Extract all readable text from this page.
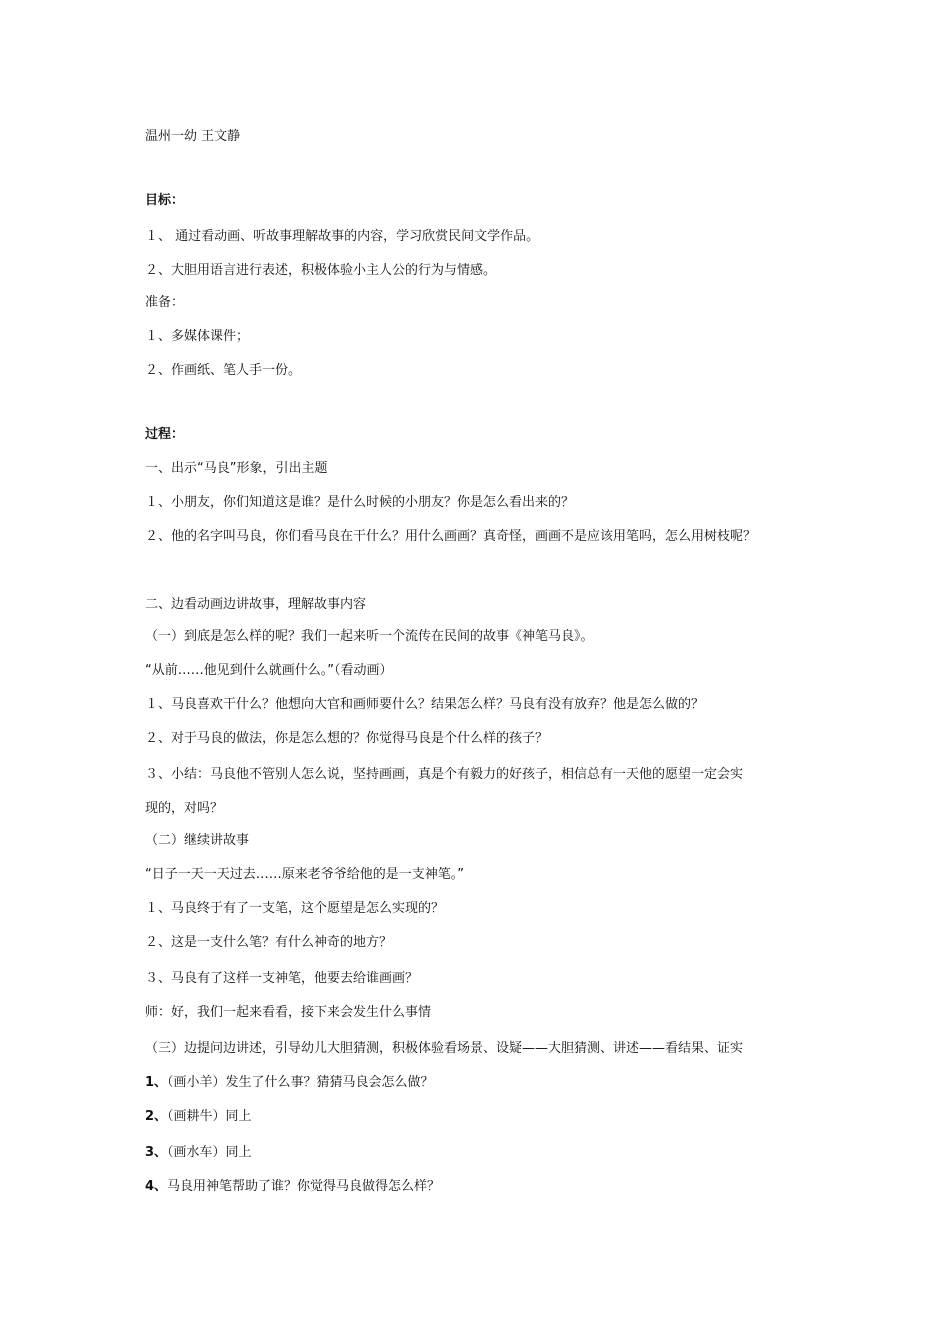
温州一幼 王文静
目标：
１、 通过看动画、听故事理解故事的内容，学习欣赏民间文学作品。
２、大胆用语言进行表述，积极体验小主人公的行为与情感。
准备：
１、多媒体课件；
２、作画纸、笔人手一份。
过程：
一、出示“马良”形象，引出主题
１、小朋友，你们知道这是谁？是什么时候的小朋友？你是怎么看出来的？
２、他的名字叫马良，你们看马良在干什么？用什么画画？真奇怪，画画不是应该用笔吗，怎么用树枝呢？
二、边看动画边讲故事，理解故事内容
（一）到底是怎么样的呢？我们一起来听一个流传在民间的故事《神笔马良》。
“从前……他见到什么就画什么。”（看动画）
１、马良喜欢干什么？他想向大官和画师要什么？结果怎么样？马良有没有放弃？他是怎么做的？
２、对于马良的做法，你是怎么想的？你觉得马良是个什么样的孩子？
３、小结：马良他不管别人怎么说，坚持画画，真是个有毅力的好孩子，相信总有一天他的愿望一定会实
现的，对吗？
（二）继续讲故事
“日子一天一天过去……原来老爷爷给他的是一支神笔。”
１、马良终于有了一支笔，这个愿望是怎么实现的？
２、这是一支什么笔？有什么神奇的地方？
３、马良有了这样一支神笔，他要去给谁画画？
师：好，我们一起来看看，接下来会发生什么事情
（三）边提问边讲述，引导幼儿大胆猜测，积极体验看场景、设疑——大胆猜测、讲述——看结果、证实
1、（画小羊）发生了什么事？猜猜马良会怎么做？
2、（画耕牛）同上
3、（画水车）同上
4、马良用神笔帮助了谁？你觉得马良做得怎么样？
